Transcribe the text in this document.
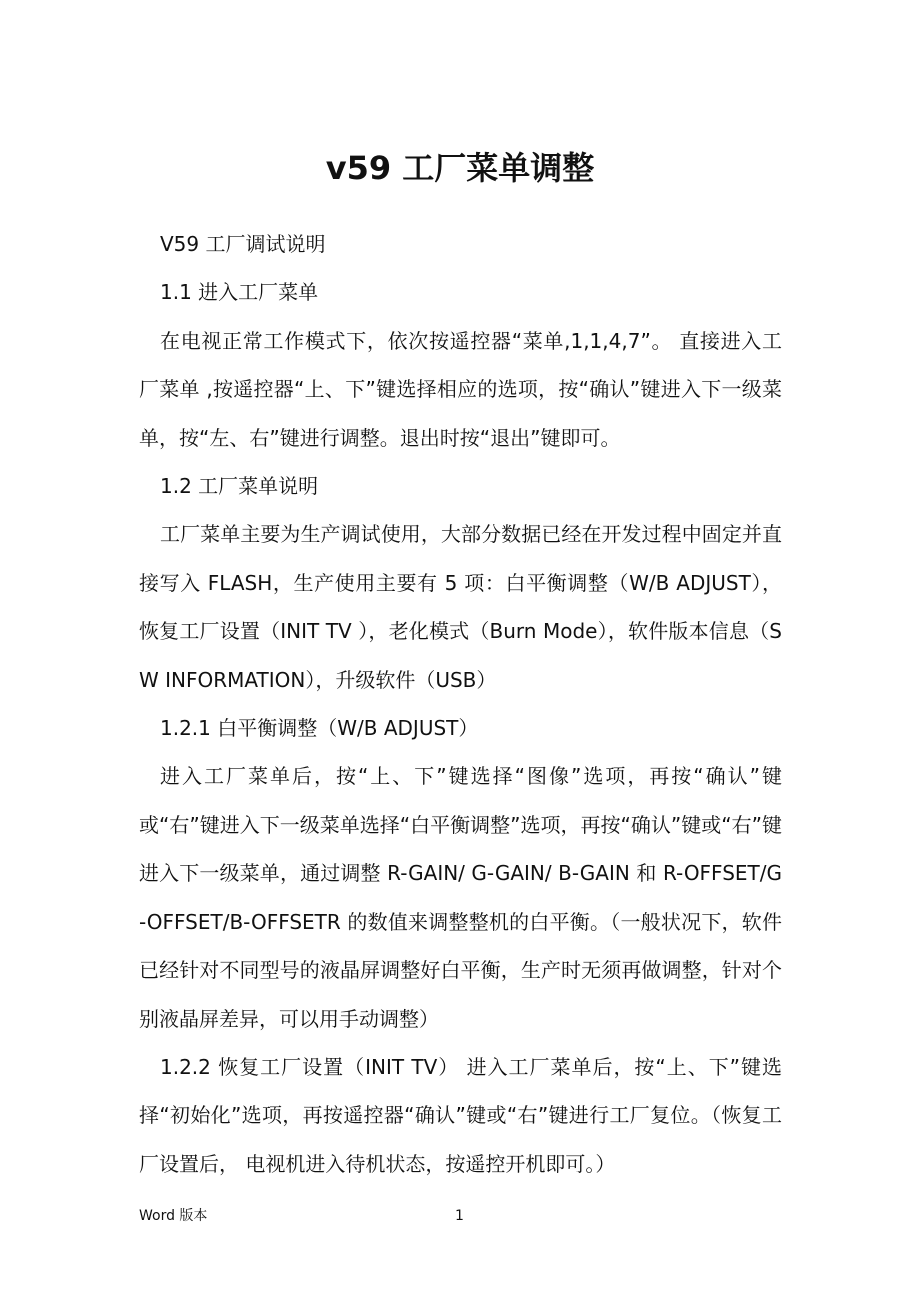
v59 工厂菜单调整

V59 工厂调试说明

1.1 进入工厂菜单

在电视正常工作模式下，依次按遥控器“菜单,1,1,4,7”。 直接进入工厂菜单 ,按遥控器“上、下”键选择相应的选项，按“确认”键进入下一级菜单，按“左、右”键进行调整。退出时按“退出”键即可。

1.2 工厂菜单说明

工厂菜单主要为生产调试使用，大部分数据已经在开发过程中固定并直接写入 FLASH，生产使用主要有 5 项：白平衡调整（W/B ADJUST），恢复工厂设置（INIT TV ），老化模式（Burn Mode），软件版本信息（SW INFORMATION），升级软件（USB）

1.2.1 白平衡调整（W/B ADJUST）

进入工厂菜单后，按“上、下”键选择“图像”选项，再按“确认”键或“右”键进入下一级菜单选择“白平衡调整”选项，再按“确认”键或“右”键进入下一级菜单，通过调整 R-GAIN/ G-GAIN/ B-GAIN 和 R-OFFSET/G-OFFSET/B-OFFSETR 的数值来调整整机的白平衡。（一般状况下，软件已经针对不同型号的液晶屏调整好白平衡，生产时无须再做调整，针对个别液晶屏差异，可以用手动调整）

1.2.2 恢复工厂设置（INIT TV） 进入工厂菜单后，按“上、下”键选择“初始化”选项，再按遥控器“确认”键或“右”键进行工厂复位。（恢复工厂设置后， 电视机进入待机状态，按遥控开机即可。）

Word 版本	1
